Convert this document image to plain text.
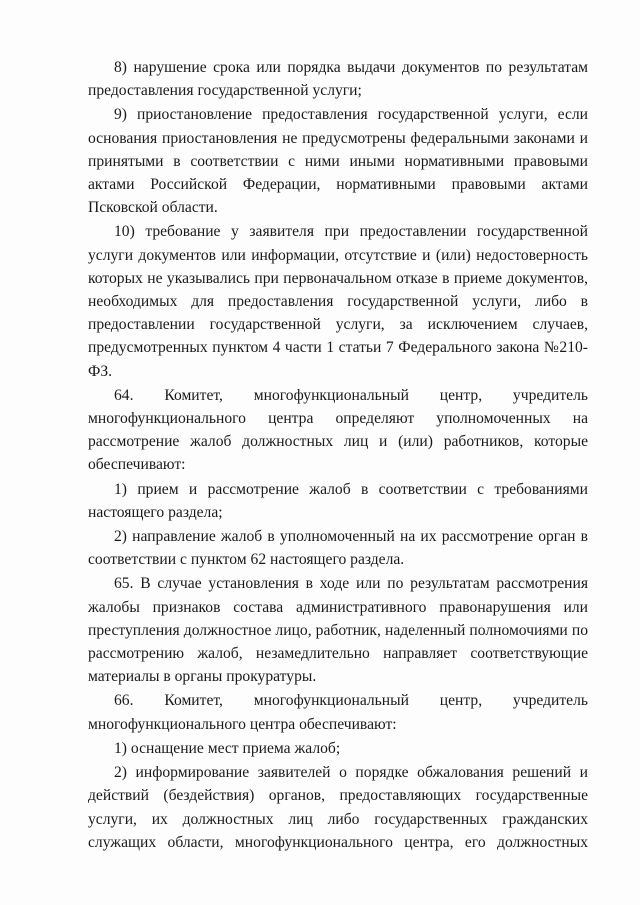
8) нарушение срока или порядка выдачи документов по результатам предоставления государственной услуги;

9) приостановление предоставления государственной услуги, если основания приостановления не предусмотрены федеральными законами и принятыми в соответствии с ними иными нормативными правовыми актами Российской Федерации, нормативными правовыми актами Псковской области.

10) требование у заявителя при предоставлении государственной услуги документов или информации, отсутствие и (или) недостоверность которых не указывались при первоначальном отказе в приеме документов, необходимых для предоставления государственной услуги, либо в предоставлении государственной услуги, за исключением случаев, предусмотренных пунктом 4 части 1 статьи 7 Федерального закона №210-ФЗ.

64. Комитет, многофункциональный центр, учредитель многофункционального центра определяют уполномоченных на рассмотрение жалоб должностных лиц и (или) работников, которые обеспечивают:

1) прием и рассмотрение жалоб в соответствии с требованиями настоящего раздела;

2) направление жалоб в уполномоченный на их рассмотрение орган в соответствии с пунктом 62 настоящего раздела.

65. В случае установления в ходе или по результатам рассмотрения жалобы признаков состава административного правонарушения или преступления должностное лицо, работник, наделенный полномочиями по рассмотрению жалоб, незамедлительно направляет соответствующие материалы в органы прокуратуры.

66. Комитет, многофункциональный центр, учредитель многофункционального центра обеспечивают:

1) оснащение мест приема жалоб;

2) информирование заявителей о порядке обжалования решений и действий (бездействия) органов, предоставляющих государственные услуги, их должностных лиц либо государственных гражданских служащих области, многофункционального центра, его должностных
